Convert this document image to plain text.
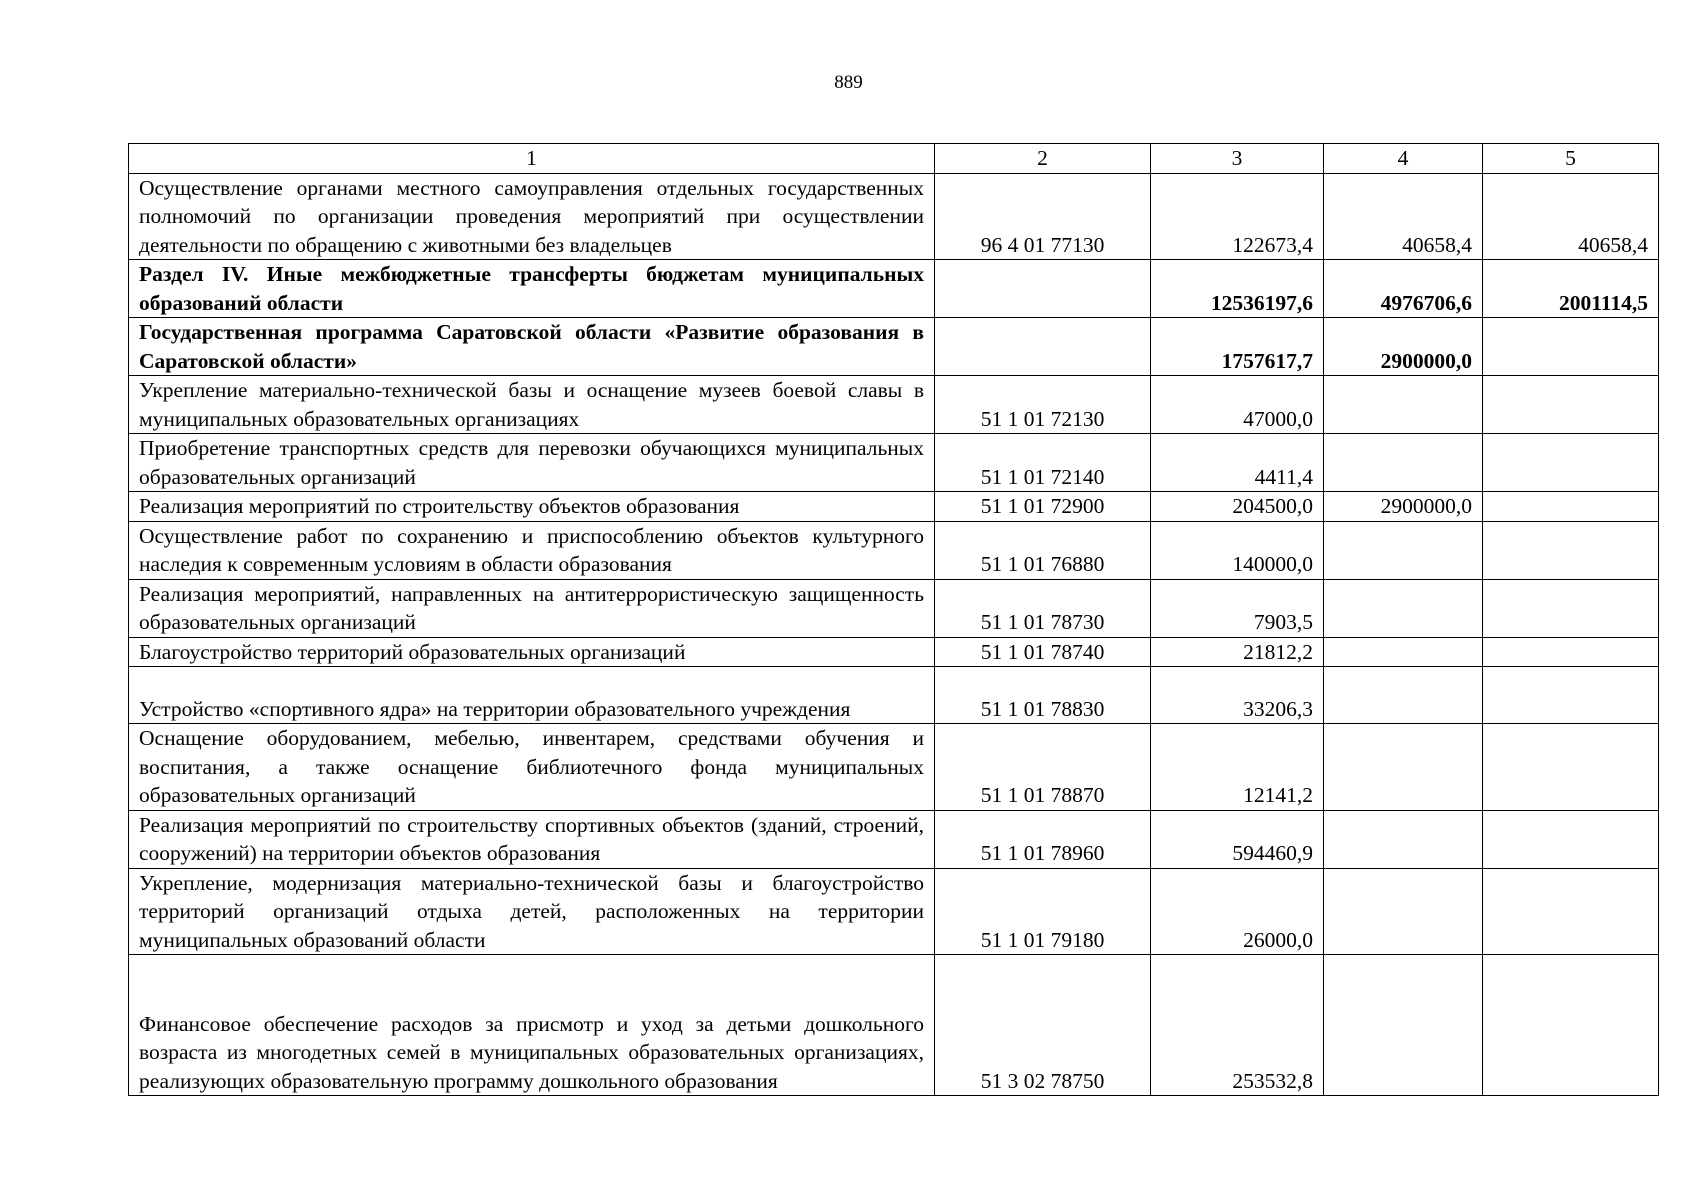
889
1	2	3	4	5
Осуществление органами местного самоуправления отдельных государственных полномочий по организации проведения мероприятий при осуществлении деятельности по обращению с животными без владельцев	96 4 01 77130	122673,4	40658,4	40658,4
Раздел IV. Иные межбюджетные трансферты бюджетам муниципальных образований области		12536197,6	4976706,6	2001114,5
Государственная программа Саратовской области «Развитие образования в Саратовской области»		1757617,7	2900000,0	
Укрепление материально-технической базы и оснащение музеев боевой славы в муниципальных образовательных организациях	51 1 01 72130	47000,0		
Приобретение транспортных средств для перевозки обучающихся муниципальных образовательных организаций	51 1 01 72140	4411,4		
Реализация мероприятий по строительству объектов образования	51 1 01 72900	204500,0	2900000,0	
Осуществление работ по сохранению и приспособлению объектов культурного наследия к современным условиям в области образования	51 1 01 76880	140000,0		
Реализация мероприятий, направленных на антитеррористическую защищенность образовательных организаций	51 1 01 78730	7903,5		
Благоустройство территорий образовательных организаций	51 1 01 78740	21812,2		
Устройство «спортивного ядра» на территории образовательного учреждения	51 1 01 78830	33206,3		
Оснащение оборудованием, мебелью, инвентарем, средствами обучения и воспитания, а также оснащение библиотечного фонда муниципальных образовательных организаций	51 1 01 78870	12141,2		
Реализация мероприятий по строительству спортивных объектов (зданий, строений, сооружений) на территории объектов образования	51 1 01 78960	594460,9		
Укрепление, модернизация материально-технической базы и благоустройство территорий организаций отдыха детей, расположенных на территории муниципальных образований области	51 1 01 79180	26000,0		
Финансовое обеспечение расходов за присмотр и уход за детьми дошкольного возраста из многодетных семей в муниципальных образовательных организациях, реализующих образовательную программу дошкольного образования	51 3 02 78750	253532,8		
